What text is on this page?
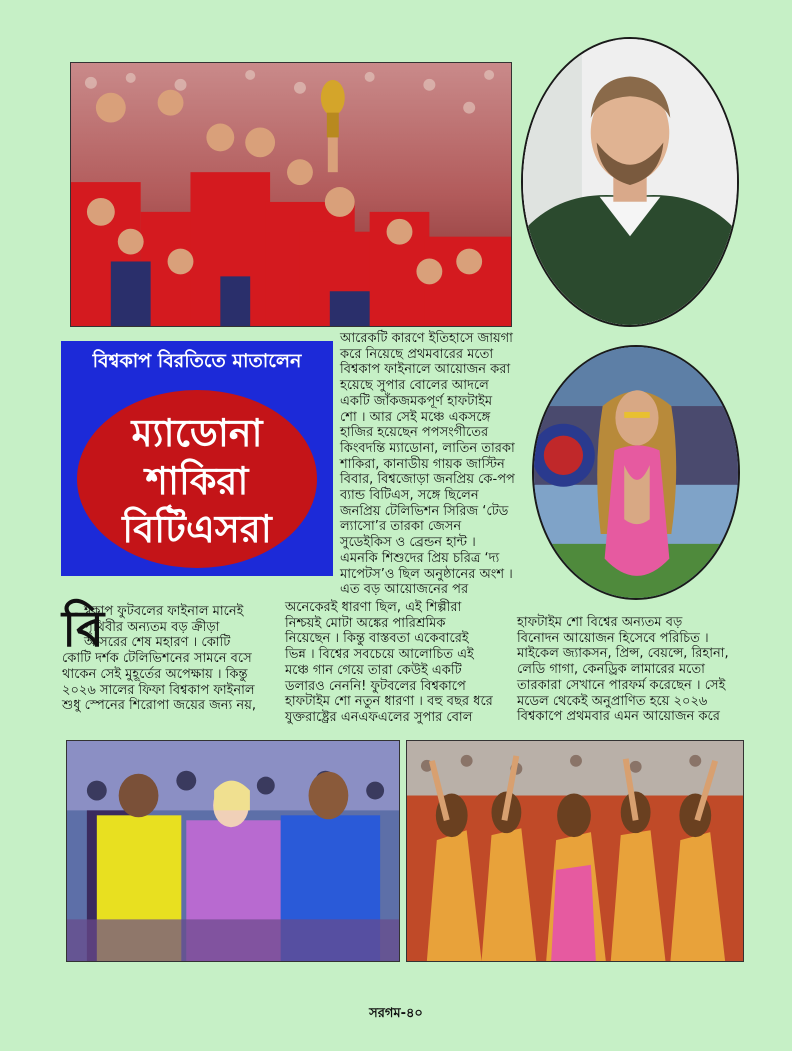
বিশ্বকাপ বিরতিতে মাতালেন
ম্যাডোনা
শাকিরা
বিটিএসরা

আরেকটি কারণে ইতিহাসে জায়গা

করে নিয়েছে প্রথমবারের মতো

বিশ্বকাপ ফাইনালে আয়োজন করা

হয়েছে সুপার বোলের আদলে

একটি জাঁকজমকপূর্ণ হাফটাইম

শো । আর সেই মঞ্চে একসঙ্গে

হাজির হয়েছেন পপসংগীতের

কিংবদন্তি ম্যাডোনা, লাতিন তারকা

শাকিরা, কানাডীয় গায়ক জাস্টিন

বিবার, বিশ্বজোড়া জনপ্রিয় কে-পপ

ব্যান্ড বিটিএস, সঙ্গে ছিলেন

জনপ্রিয় টেলিভিশন সিরিজ ‘টেড

ল্যাসো’র তারকা জেসন

সুডেইকিস ও ব্রেন্ডন হান্ট ।

এমনকি শিশুদের প্রিয় চরিত্র ‘দ্য

মাপেটস’ও ছিল অনুষ্ঠানের অংশ ।

এত বড় আয়োজনের পর

বি

শ্বকাপ ফুটবলের ফাইনাল মানেই

পৃথিবীর অন্যতম বড় ক্রীড়া

আসরের শেষ মহারণ । কোটি

কোটি দর্শক টেলিভিশনের সামনে বসে

থাকেন সেই মুহূর্তের অপেক্ষায় । কিন্তু

২০২৬ সালের ফিফা বিশ্বকাপ ফাইনাল

শুধু স্পেনের শিরোপা জয়ের জন্য নয়,

অনেকেরই ধারণা ছিল, এই শিল্পীরা

নিশ্চয়ই মোটা অঙ্কের পারিশ্রমিক

নিয়েছেন । কিন্তু বাস্তবতা একেবারেই

ভিন্ন । বিশ্বের সবচেয়ে আলোচিত এই

মঞ্চে গান গেয়ে তারা কেউই একটি

ডলারও নেননি! ফুটবলের বিশ্বকাপে

হাফটাইম শো নতুন ধারণা । বহু বছর ধরে

যুক্তরাষ্ট্রের এনএফএলের সুপার বোল

হাফটাইম শো বিশ্বের অন্যতম বড়

বিনোদন আয়োজন হিসেবে পরিচিত ।

মাইকেল জ্যাকসন, প্রিন্স, বেয়ন্সে, রিহানা,

লেডি গাগা, কেনড্রিক লামারের মতো

তারকারা সেখানে পারফর্ম করেছেন । সেই

মডেল থেকেই অনুপ্রাণিত হয়ে ২০২৬

বিশ্বকাপে প্রথমবার এমন আয়োজন করে

সরগম-৪০
